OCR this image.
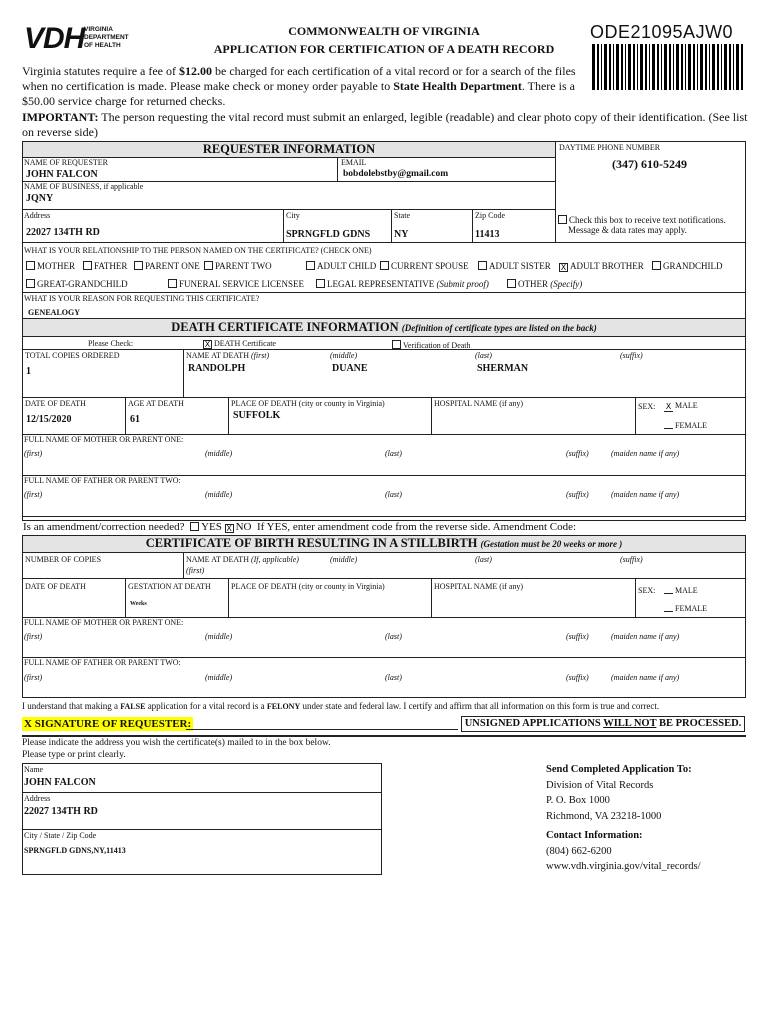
VDH VIRGINIA
DEPARTMENT
OF HEALTH
COMMONWEALTH OF VIRGINIA
APPLICATION FOR CERTIFICATION OF A DEATH RECORD
ODE21095AJW0
Virginia statutes require a fee of $12.00 be charged for each certification of a vital record or for a search of the files when no certification is made. Please make check or money order payable to State Health Department. There is a $50.00 service charge for returned checks.
IMPORTANT: The person requesting the vital record must submit an enlarged, legible (readable) and clear photo copy of their identification. (See list on reverse side)
REQUESTER INFORMATION	DAYTIME PHONE NUMBER
(347) 610-5249
NAME OF REQUESTER
JOHN FALCON
EMAIL
bobdolebstby@gmail.com
NAME OF BUSINESS, if applicable
JQNY
Address
22027 134TH RD
City
SPRNGFLD GDNS
State
NY
Zip Code
11413
Check this box to receive text notifications.
Message & data rates may apply.
WHAT IS YOUR RELATIONSHIP TO THE PERSON NAMED ON THE CERTIFICATE? (CHECK ONE)
MOTHER	FATHER	PARENT ONE	PARENT TWO	ADULT CHILD	CURRENT SPOUSE	ADULT SISTER X ADULT BROTHER	GRANDCHILD
GREAT-GRANDCHILD	FUNERAL SERVICE LICENSEE	LEGAL REPRESENTATIVE (Submit proof)	OTHER (Specify)
WHAT IS YOUR REASON FOR REQUESTING THIS CERTIFICATE?
GENEALOGY
DEATH CERTIFICATE INFORMATION (Definition of certificate types are listed on the back)
Please Check:	X DEATH Certificate	Verification of Death
TOTAL COPIES ORDERED
1
NAME AT DEATH (first)	(middle)	(last)	(suffix)
RANDOLPH	DUANE	SHERMAN
DATE OF DEATH
12/15/2020
AGE AT DEATH
61
PLACE OF DEATH (city or county in Virginia)
SUFFOLK
HOSPITAL NAME (if any)	SEX: X MALE
FEMALE
FULL NAME OF MOTHER OR PARENT ONE:
(first)	(middle)	(last)	(suffix)	(maiden name if any)
FULL NAME OF FATHER OR PARENT TWO:
(first)	(middle)	(last)	(suffix)	(maiden name if any)
Is an amendment/correction needed? YES X NO If YES, enter amendment code from the reverse side. Amendment Code:
CERTIFICATE OF BIRTH RESULTING IN A STILLBIRTH (Gestation must be 20 weeks or more )
NUMBER OF COPIES	NAME AT DEATH (If, applicable)
(first)
(middle)	(last)	(suffix)
DATE OF DEATH	GESTATION AT DEATH
Weeks
PLACE OF DEATH (city or county in Virginia)	HOSPITAL NAME (if any)	SEX:	MALE
FEMALE
FULL NAME OF MOTHER OR PARENT ONE:
(first)	(middle)	(last)	(suffix)	(maiden name if any)
FULL NAME OF FATHER OR PARENT TWO:
(first)	(middle)	(last)	(suffix)	(maiden name if any)
I understand that making a FALSE application for a vital record is a FELONY under state and federal law. I certify and affirm that all information on this form is true and correct.
X SIGNATURE OF REQUESTER:	UNSIGNED APPLICATIONS WILL NOT BE PROCESSED.
Please indicate the address you wish the certificate(s) mailed to in the box below.
Please type or print clearly.
Name
JOHN FALCON
Address
22027 134TH RD
City / State / Zip Code
SPRNGFLD GDNS,NY,11413
Send Completed Application To:
Division of Vital Records
P. O. Box 1000
Richmond, VA 23218-1000
Contact Information:
(804) 662-6200
www.vdh.virginia.gov/vital_records/
